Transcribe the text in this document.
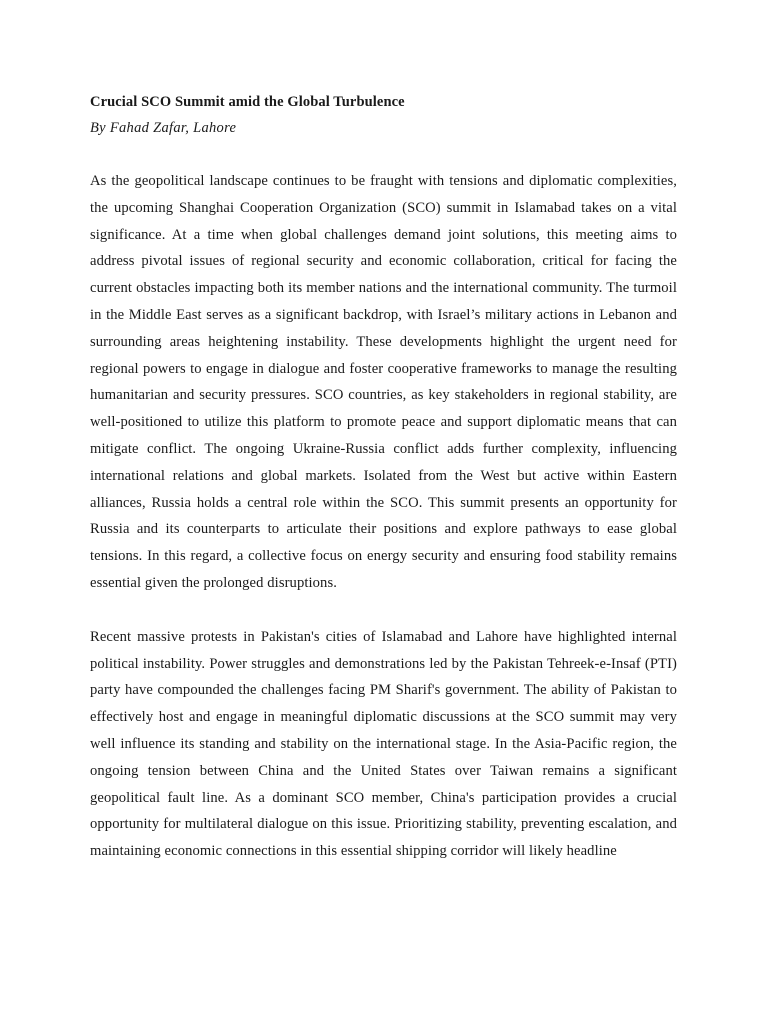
Crucial SCO Summit amid the Global Turbulence

By Fahad Zafar, Lahore

As the geopolitical landscape continues to be fraught with tensions and diplomatic complexities, the upcoming Shanghai Cooperation Organization (SCO) summit in Islamabad takes on a vital significance. At a time when global challenges demand joint solutions, this meeting aims to address pivotal issues of regional security and economic collaboration, critical for facing the current obstacles impacting both its member nations and the international community. The turmoil in the Middle East serves as a significant backdrop, with Israel’s military actions in Lebanon and surrounding areas heightening instability. These developments highlight the urgent need for regional powers to engage in dialogue and foster cooperative frameworks to manage the resulting humanitarian and security pressures. SCO countries, as key stakeholders in regional stability, are well-positioned to utilize this platform to promote peace and support diplomatic means that can mitigate conflict. The ongoing Ukraine-Russia conflict adds further complexity, influencing international relations and global markets. Isolated from the West but active within Eastern alliances, Russia holds a central role within the SCO. This summit presents an opportunity for Russia and its counterparts to articulate their positions and explore pathways to ease global tensions. In this regard, a collective focus on energy security and ensuring food stability remains essential given the prolonged disruptions.

Recent massive protests in Pakistan's cities of Islamabad and Lahore have highlighted internal political instability. Power struggles and demonstrations led by the Pakistan Tehreek-e-Insaf (PTI) party have compounded the challenges facing PM Sharif's government. The ability of Pakistan to effectively host and engage in meaningful diplomatic discussions at the SCO summit may very well influence its standing and stability on the international stage. In the Asia-Pacific region, the ongoing tension between China and the United States over Taiwan remains a significant geopolitical fault line. As a dominant SCO member, China's participation provides a crucial opportunity for multilateral dialogue on this issue. Prioritizing stability, preventing escalation, and maintaining economic connections in this essential shipping corridor will likely headline
